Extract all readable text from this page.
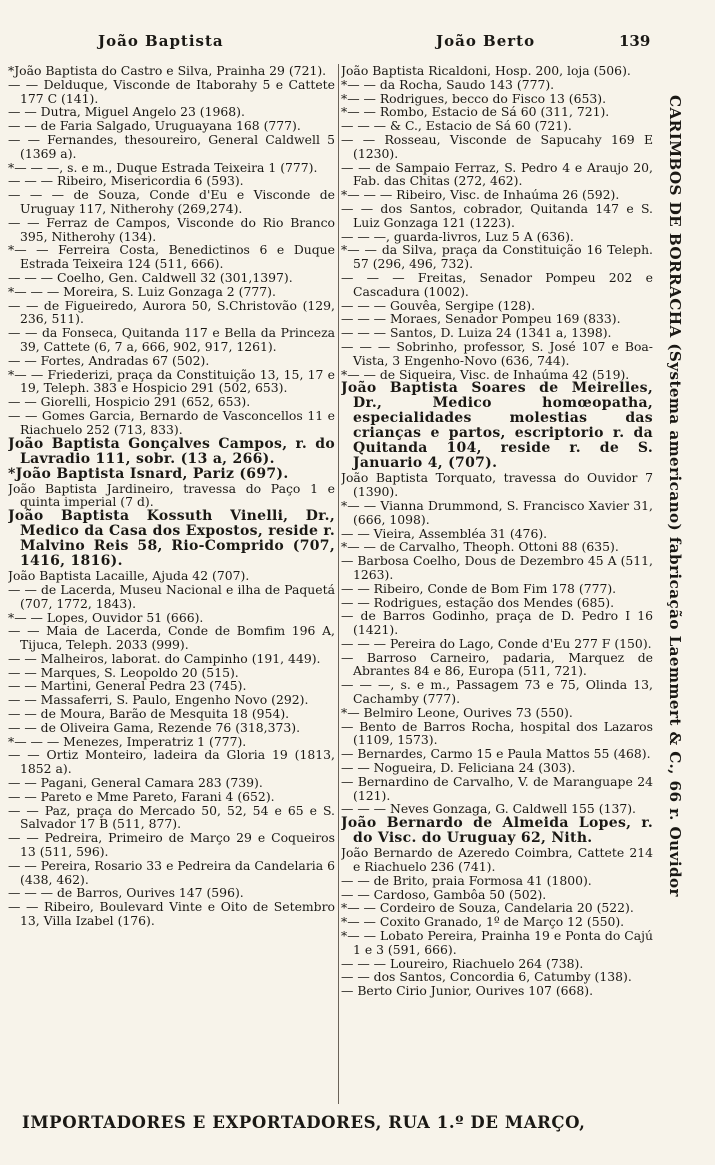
João Baptista	João Berto	139

*João Baptista do Castro e Silva, Prainha 29 (721).

— — Delduque, Visconde de Itaborahy 5 e Cattete 177 C (141).

— — Dutra, Miguel Angelo 23 (1968).

— — de Faria Salgado, Uruguayana 168 (777).

— — Fernandes, thesoureiro, General Caldwell 5 (1369 a).

*— — —, s. e m., Duque Estrada Teixeira 1 (777).

— — — Ribeiro, Misericordia 6 (593).

— — — de Souza, Conde d'Eu e Visconde de Uruguay 117, Nitherohy (269,274).

— — Ferraz de Campos, Visconde do Rio Branco 395, Nitherohy (134).

*— — Ferreira Costa, Benedictinos 6 e Duque Estrada Teixeira 124 (511, 666).

— — — Coelho, Gen. Caldwell 32 (301,1397).

*— — — Moreira, S. Luiz Gonzaga 2 (777).

— — de Figueiredo, Aurora 50, S.Christovão (129, 236, 511).

— — da Fonseca, Quitanda 117 e Bella da Princeza 39, Cattete (6, 7 a, 666, 902, 917, 1261).

— — Fortes, Andradas 67 (502).

*— — Friederizi, praça da Constituição 13, 15, 17 e 19, Teleph. 383 e Hospicio 291 (502, 653).

— — Giorelli, Hospicio 291 (652, 653).

— — Gomes Garcia, Bernardo de Vasconcellos 11 e Riachuelo 252 (713, 833).

João Baptista Gonçalves Campos, r. do Lavradio 111, sobr. (13 a, 266).

*João Baptista Isnard, Pariz (697).

João Baptista Jardineiro, travessa do Paço 1 e quinta imperial (7 d).

João Baptista Kossuth Vinelli, Dr., Medico da Casa dos Expostos, reside r. Malvino Reis 58, Rio-Comprido (707, 1416, 1816).

João Baptista Lacaille, Ajuda 42 (707).

— — de Lacerda, Museu Nacional e ilha de Paquetá (707, 1772, 1843).

*— — Lopes, Ouvidor 51 (666).

— — Maia de Lacerda, Conde de Bomfim 196 A, Tijuca, Teleph. 2033 (999).

— — Malheiros, laborat. do Campinho (191, 449).

— — Marques, S. Leopoldo 20 (515).

— — Martini, General Pedra 23 (745).

— — Massaferri, S. Paulo, Engenho Novo (292).

— — de Moura, Barão de Mesquita 18 (954).

— — de Oliveira Gama, Rezende 76 (318,373).

*— — — Menezes, Imperatriz 1 (777).

— — Ortiz Monteiro, ladeira da Gloria 19 (1813, 1852 a).

— — Pagani, General Camara 283 (739).

— — Pareto e Mme Pareto, Farani 4 (652).

— — Paz, praça do Mercado 50, 52, 54 e 65 e S. Salvador 17 B (511, 877).

— — Pedreira, Primeiro de Março 29 e Coqueiros 13 (511, 596).

— — Pereira, Rosario 33 e Pedreira da Candelaria 6 (438, 462).

— — — de Barros, Ourives 147 (596).

— — Ribeiro, Boulevard Vinte e Oito de Setembro 13, Villa Izabel (176).

João Baptista Ricaldoni, Hosp. 200, loja (506).

*— — da Rocha, Saudo 143 (777).

*— — Rodrigues, becco do Fisco 13 (653).

*— — Rombo, Estacio de Sá 60 (311, 721).

— — — & C., Estacio de Sá 60 (721).

— — Rosseau, Visconde de Sapucahy 169 E (1230).

— — de Sampaio Ferraz, S. Pedro 4 e Araujo 20, Fab. das Chitas (272, 462).

*— — — Ribeiro, Visc. de Inhaúma 26 (592).

— — dos Santos, cobrador, Quitanda 147 e S. Luiz Gonzaga 121 (1223).

— — —, guarda-livros, Luz 5 A (636).

*— — da Silva, praça da Constituição 16 Teleph. 57 (296, 496, 732).

— — — Freitas, Senador Pompeu 202 e Cascadura (1002).

— — — Gouvêa, Sergipe (128).

— — — Moraes, Senador Pompeu 169 (833).

— — — Santos, D. Luiza 24 (1341 a, 1398).

— — — Sobrinho, professor, S. José 107 e Boa-Vista, 3 Engenho-Novo (636, 744).

*— — de Siqueira, Visc. de Inhaúma 42 (519).

João Baptista Soares de Meirelles, Dr., Medico homœopatha, especialidades molestias das crianças e partos, escriptorio r. da Quitanda 104, reside r. de S. Januario 4, (707).

João Baptista Torquato, travessa do Ouvidor 7 (1390).

*— — Vianna Drummond, S. Francisco Xavier 31, (666, 1098).

— — Vieira, Assembléa 31 (476).

*— — de Carvalho, Theoph. Ottoni 88 (635).

— Barbosa Coelho, Dous de Dezembro 45 A (511, 1263).

— — Ribeiro, Conde de Bom Fim 178 (777).

— — Rodrigues, estação dos Mendes (685).

— de Barros Godinho, praça de D. Pedro I 16 (1421).

— — — Pereira do Lago, Conde d'Eu 277 F (150).

— Barroso Carneiro, padaria, Marquez de Abrantes 84 e 86, Europa (511, 721).

— — —, s. e m., Passagem 73 e 75, Olinda 13, Cachamby (777).

*— Belmiro Leone, Ourives 73 (550).

— Bento de Barros Rocha, hospital dos Lazaros (1109, 1573).

— Bernardes, Carmo 15 e Paula Mattos 55 (468).

— — Nogueira, D. Feliciana 24 (303).

— Bernardino de Carvalho, V. de Maranguape 24 (121).

— — — Neves Gonzaga, G. Caldwell 155 (137).

João Bernardo de Almeida Lopes, r. do Visc. do Uruguay 62, Nith.

João Bernardo de Azeredo Coimbra, Cattete 214 e Riachuelo 236 (741).

— — de Brito, praia Formosa 41 (1800).

— — Cardoso, Gambôa 50 (502).

*— — Cordeiro de Souza, Candelaria 20 (522).

*— — Coxito Granado, 1º de Março 12 (550).

*— — Lobato Pereira, Prainha 19 e Ponta do Cajú 1 e 3 (591, 666).

— — — Loureiro, Riachuelo 264 (738).

— — dos Santos, Concordia 6, Catumby (138).

— Berto Cirio Junior, Ourives 107 (668).

CARIMBOS DE BORRACHA (Systema americano) fabricação Laemmert & C., 66 r. Ouvidor
IMPORTADORES E EXPORTADORES, RUA 1.º DE MARÇO,
